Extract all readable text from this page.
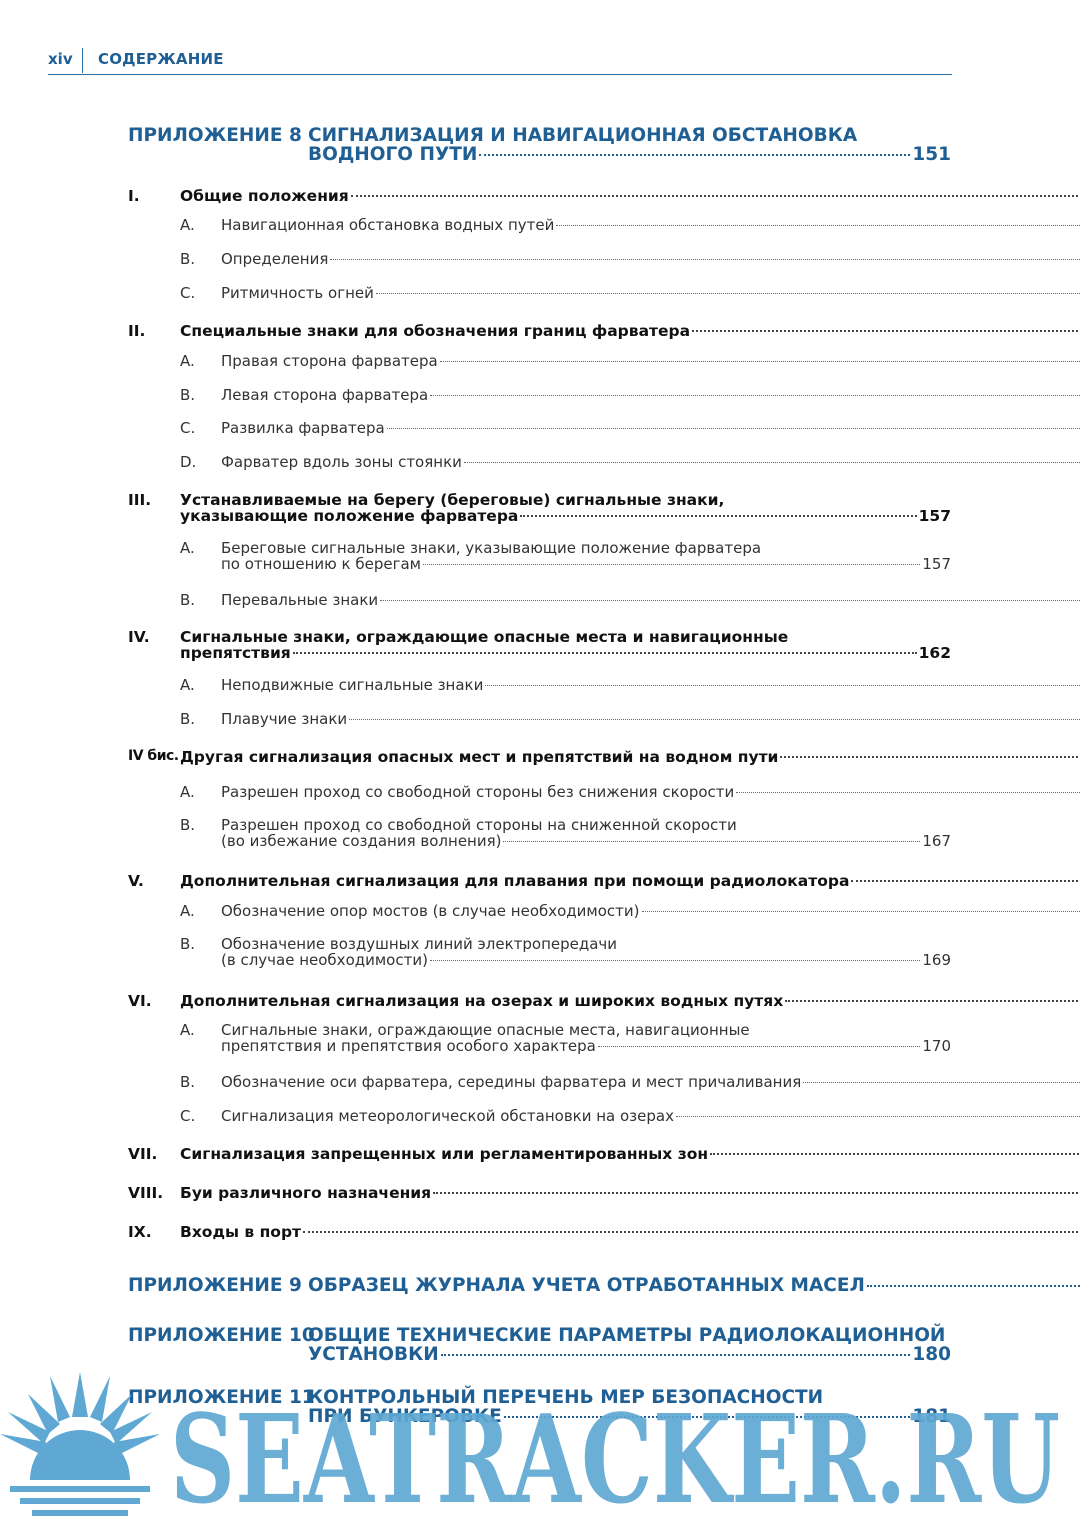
xiv СОДЕРЖАНИЕ
ПРИЛОЖЕНИЕ 8 СИГНАЛИЗАЦИЯ И НАВИГАЦИОННАЯ ОБСТАНОВКА
ВОДНОГО ПУТИ	151
I.	Общие положения
A. Навигационная обстановка водных путей
B. Определения
C. Ритмичность огней
II. Специальные знаки для обозначения границ фарватера
A. Правая сторона фарватера
B. Левая сторона фарватера
C. Развилка фарватера
D. Фарватер вдоль зоны стоянки
III. Устанавливаемые на берегу (береговые) сигнальные знаки,
указывающие положение фарватера	157
A. Береговые сигнальные знаки, указывающие положение фарватера
по отношению к берегам	157
B. Перевальные знаки
IV. Сигнальные знаки, ограждающие опасные места и навигационные
препятствия	162
A. Неподвижные сигнальные знаки
B. Плавучие знаки
IV бис. Другая сигнализация опасных мест и препятствий на водном пути
A. Разрешен проход со свободной стороны без снижения скорости
B. Разрешен проход со свободной стороны на сниженной скорости
(во избежание создания волнения)	167
V. Дополнительная сигнализация для плавания при помощи радиолокатора
A. Обозначение опор мостов (в случае необходимости)
B. Обозначение воздушных линий электропередачи
(в случае необходимости)	169
VI. Дополнительная сигнализация на озерах и широких водных путях
A. Сигнальные знаки, ограждающие опасные места, навигационные
препятствия и препятствия особого характера	170
B. Обозначение оси фарватера, середины фарватера и мест причаливания
C. Сигнализация метеорологической обстановки на озерах
VII. Сигнализация запрещенных или регламентированных зон
VIII. Буи различного назначения
IX. Входы в порт
ПРИЛОЖЕНИЕ 9 ОБРАЗЕЦ ЖУРНАЛА УЧЕТА ОТРАБОТАННЫХ МАСЕЛ
ПРИЛОЖЕНИЕ 10
ОБЩИЕ ТЕХНИЧЕСКИЕ ПАРАМЕТРЫ РАДИОЛОКАЦИОННОЙ
УСТАНОВКИ	180
ПРИЛОЖЕНИЕ 11
КОНТРОЛЬНЫЙ ПЕРЕЧЕНЬ МЕР БЕЗОПАСНОСТИ
ПРИ БУНКЕРОВКЕ	181
SEATRACKER.RU
